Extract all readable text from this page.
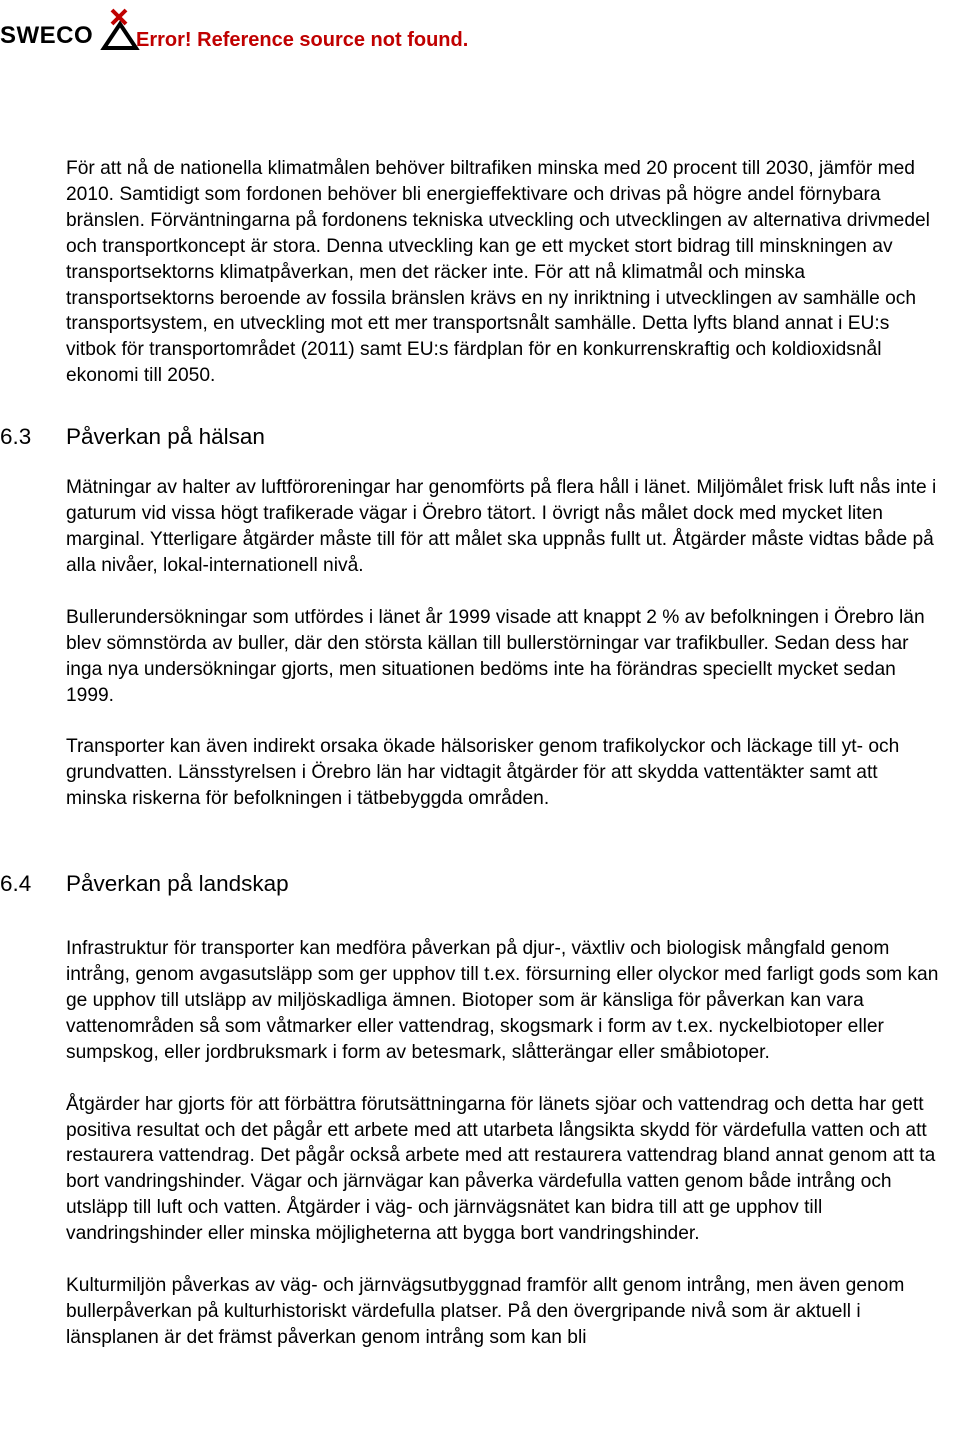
SWECO Error! Reference source not found.

För att nå de nationella klimatmålen behöver biltrafiken minska med 20 procent till 2030, jämför med 2010. Samtidigt som fordonen behöver bli energieffektivare och drivas på högre andel förnybara bränslen. Förväntningarna på fordonens tekniska utveckling och utvecklingen av alternativa drivmedel och transportkoncept är stora. Denna utveckling kan ge ett mycket stort bidrag till minskningen av transportsektorns klimatpåverkan, men det räcker inte. För att nå klimatmål och minska transportsektorns beroende av fossila bränslen krävs en ny inriktning i utvecklingen av samhälle och transportsystem, en utveckling mot ett mer transportsnålt samhälle. Detta lyfts bland annat i EU:s vitbok för transportområdet (2011) samt EU:s färdplan för en konkurrenskraftig och koldioxidsnål ekonomi till 2050.

6.3 Påverkan på hälsan

Mätningar av halter av luftföroreningar har genomförts på flera håll i länet. Miljömålet frisk luft nås inte i gaturum vid vissa högt trafikerade vägar i Örebro tätort. I övrigt nås målet dock med mycket liten marginal. Ytterligare åtgärder måste till för att målet ska uppnås fullt ut. Åtgärder måste vidtas både på alla nivåer, lokal-internationell nivå.

Bullerundersökningar som utfördes i länet år 1999 visade att knappt 2 % av befolkningen i Örebro län blev sömnstörda av buller, där den största källan till bullerstörningar var trafikbuller. Sedan dess har inga nya undersökningar gjorts, men situationen bedöms inte ha förändras speciellt mycket sedan 1999.

Transporter kan även indirekt orsaka ökade hälsorisker genom trafikolyckor och läckage till yt- och grundvatten. Länsstyrelsen i Örebro län har vidtagit åtgärder för att skydda vattentäkter samt att minska riskerna för befolkningen i tätbebyggda områden.

6.4 Påverkan på landskap

Infrastruktur för transporter kan medföra påverkan på djur-, växtliv och biologisk mångfald genom intrång, genom avgasutsläpp som ger upphov till t.ex. försurning eller olyckor med farligt gods som kan ge upphov till utsläpp av miljöskadliga ämnen. Biotoper som är känsliga för påverkan kan vara vattenområden så som våtmarker eller vattendrag, skogsmark i form av t.ex. nyckelbiotoper eller sumpskog, eller jordbruksmark i form av betesmark, slåtterängar eller småbiotoper.

Åtgärder har gjorts för att förbättra förutsättningarna för länets sjöar och vattendrag och detta har gett positiva resultat och det pågår ett arbete med att utarbeta långsikta skydd för värdefulla vatten och att restaurera vattendrag. Det pågår också arbete med att restaurera vattendrag bland annat genom att ta bort vandringshinder. Vägar och järnvägar kan påverka värdefulla vatten genom både intrång och utsläpp till luft och vatten. Åtgärder i väg- och järnvägsnätet kan bidra till att ge upphov till vandringshinder eller minska möjligheterna att bygga bort vandringshinder.

Kulturmiljön påverkas av väg- och järnvägsutbyggnad framför allt genom intrång, men även genom bullerpåverkan på kulturhistoriskt värdefulla platser. På den övergripande nivå som är aktuell i länsplanen är det främst påverkan genom intrång som kan bli
